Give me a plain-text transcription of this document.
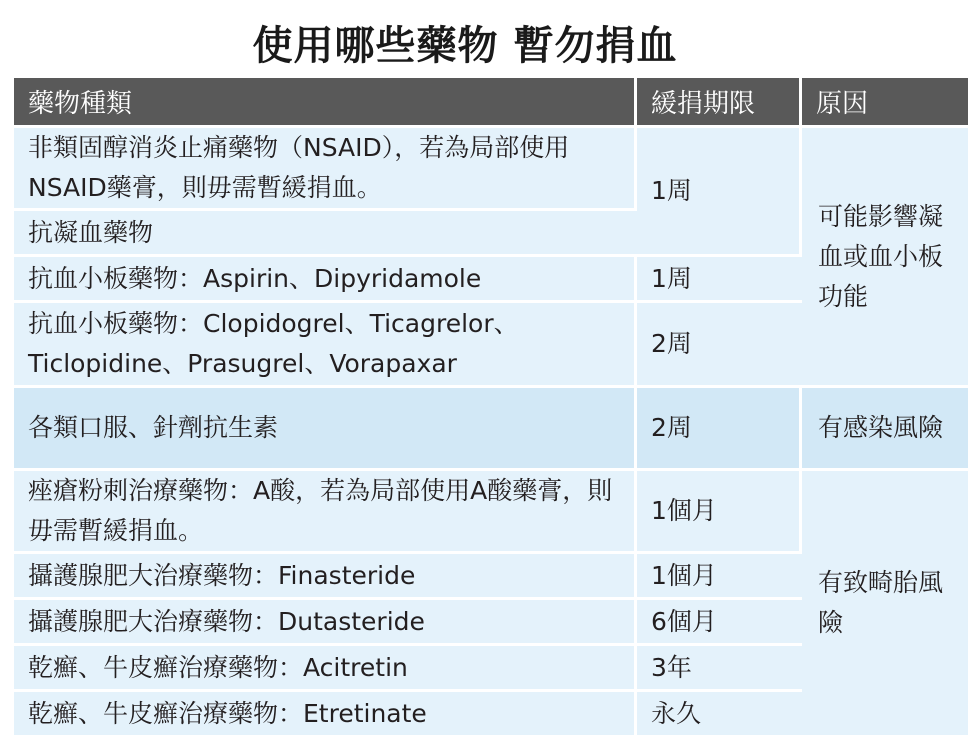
使用哪些藥物 暫勿捐血
藥物種類	緩捐期限	原因
非類固醇消炎止痛藥物（NSAID），若為局部使用NSAID藥膏，則毋需暫緩捐血。	1周	可能影響凝血或血小板功能
抗凝血藥物		
抗血小板藥物：Aspirin、Dipyridamole	1周	
抗血小板藥物：Clopidogrel、Ticagrelor、Ticlopidine、Prasugrel、Vorapaxar	2周	
各類口服、針劑抗生素	2周	有感染風險
痤瘡粉刺治療藥物：A酸，若為局部使用A酸藥膏，則毋需暫緩捐血。	1個月	有致畸胎風險
攝護腺肥大治療藥物：Finasteride	1個月	
攝護腺肥大治療藥物：Dutasteride	6個月	
乾癬、牛皮癬治療藥物：Acitretin	3年	
乾癬、牛皮癬治療藥物：Etretinate	永久	
